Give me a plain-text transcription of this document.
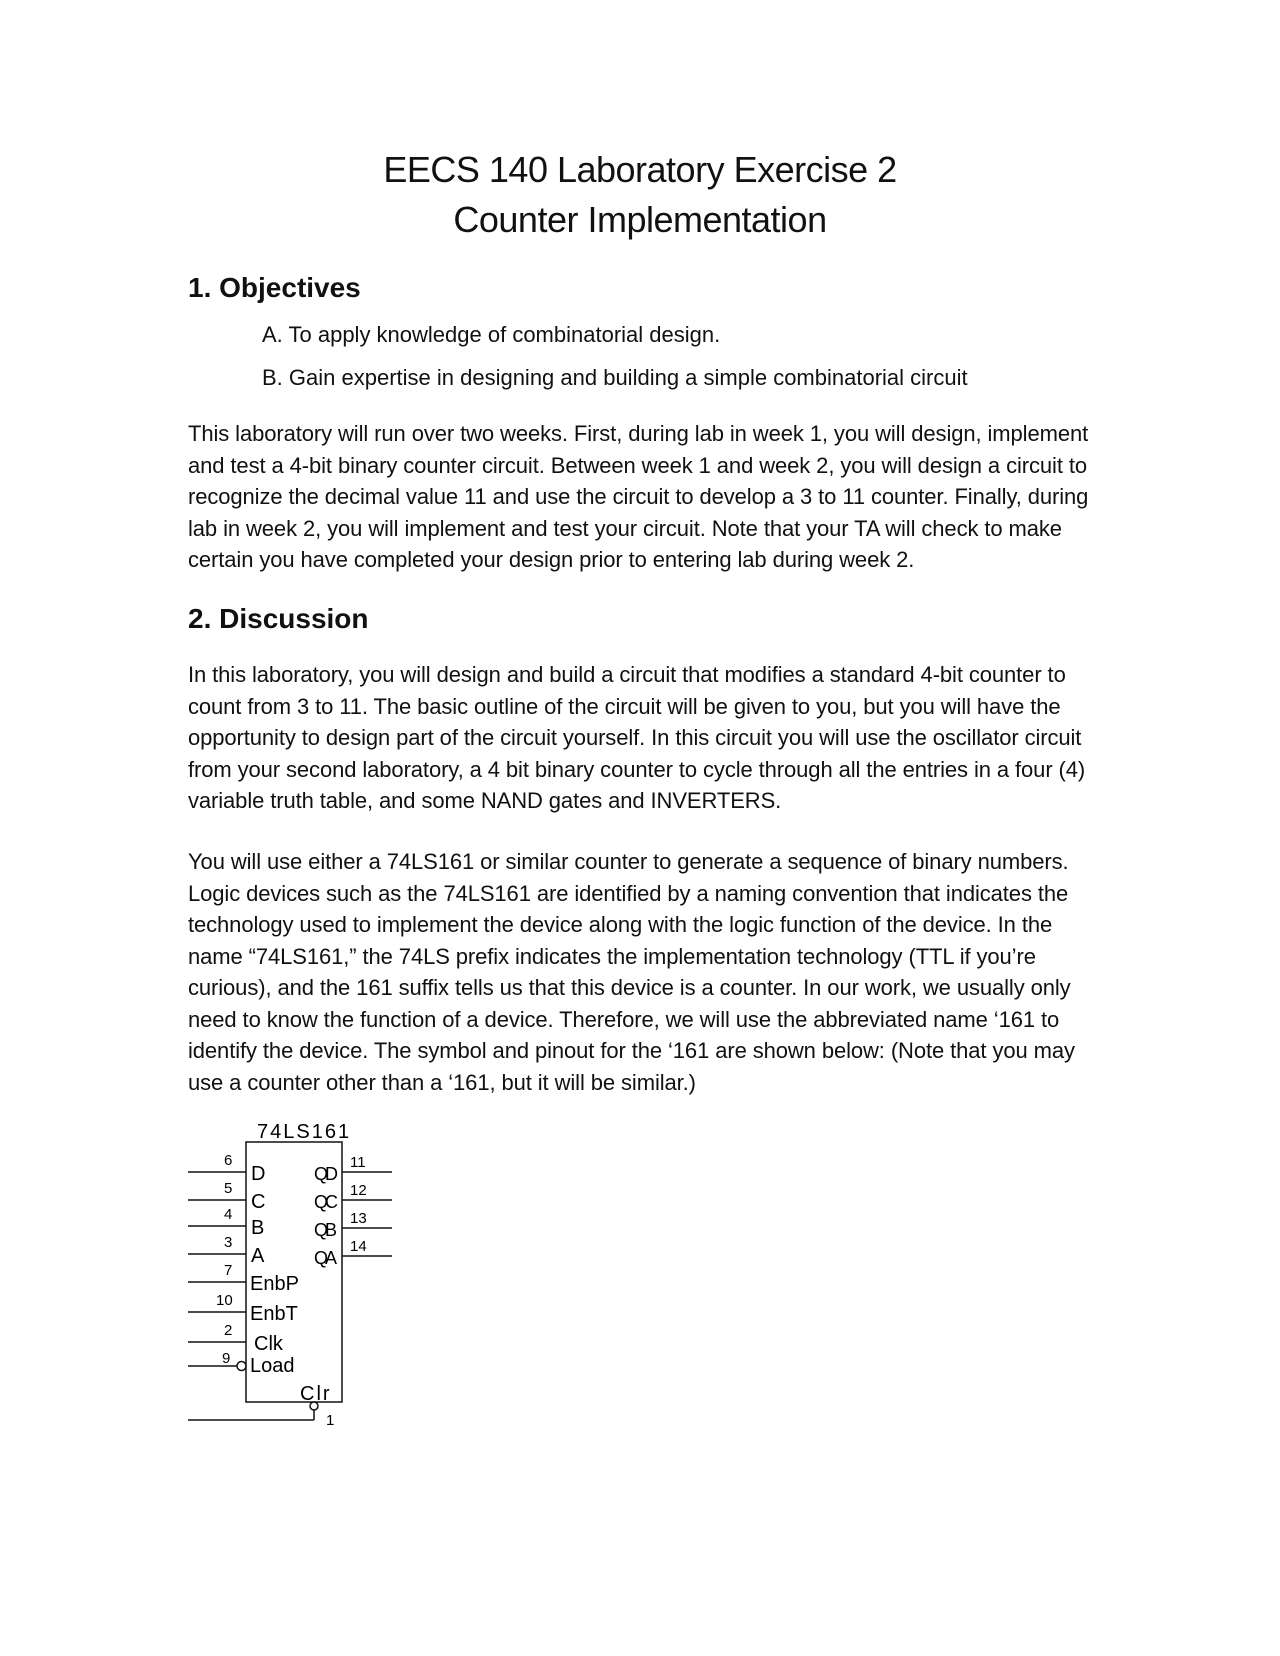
EECS 140 Laboratory Exercise 2
Counter Implementation
1. Objectives
A. To apply knowledge of combinatorial design.
B. Gain expertise in designing and building a simple combinatorial circuit

This laboratory will run over two weeks. First, during lab in week 1, you will design, implement and test a 4-bit binary counter circuit. Between week 1 and week 2, you will design a circuit to recognize the decimal value 11 and use the circuit to develop a 3 to 11 counter. Finally, during lab in week 2, you will implement and test your circuit. Note that your TA will check to make certain you have completed your design prior to entering lab during week 2.

2. Discussion

In this laboratory, you will design and build a circuit that modifies a standard 4-bit counter to count from 3 to 11. The basic outline of the circuit will be given to you, but you will have the opportunity to design part of the circuit yourself. In this circuit you will use the oscillator circuit from your second laboratory, a 4 bit binary counter to cycle through all the entries in a four (4) variable truth table, and some NAND gates and INVERTERS.

You will use either a 74LS161 or similar counter to generate a sequence of binary numbers. Logic devices such as the 74LS161 are identified by a naming convention that indicates the technology used to implement the device along with the logic function of the device. In the name “74LS161,” the 74LS prefix indicates the implementation technology (TTL if you’re curious), and the 161 suffix tells us that this device is a counter. In our work, we usually only need to know the function of a device. Therefore, we will use the abbreviated name ‘161 to identify the device. The symbol and pinout for the ‘161 are shown below: (Note that you may use a counter other than a ‘161, but it will be similar.)

74LS161
6
5
4
3
7
10
2
9
D
C
B
A
EnbP
EnbT
Clk
Load
QD
QC
QB
QA
11
12
13
14
Clr
1
